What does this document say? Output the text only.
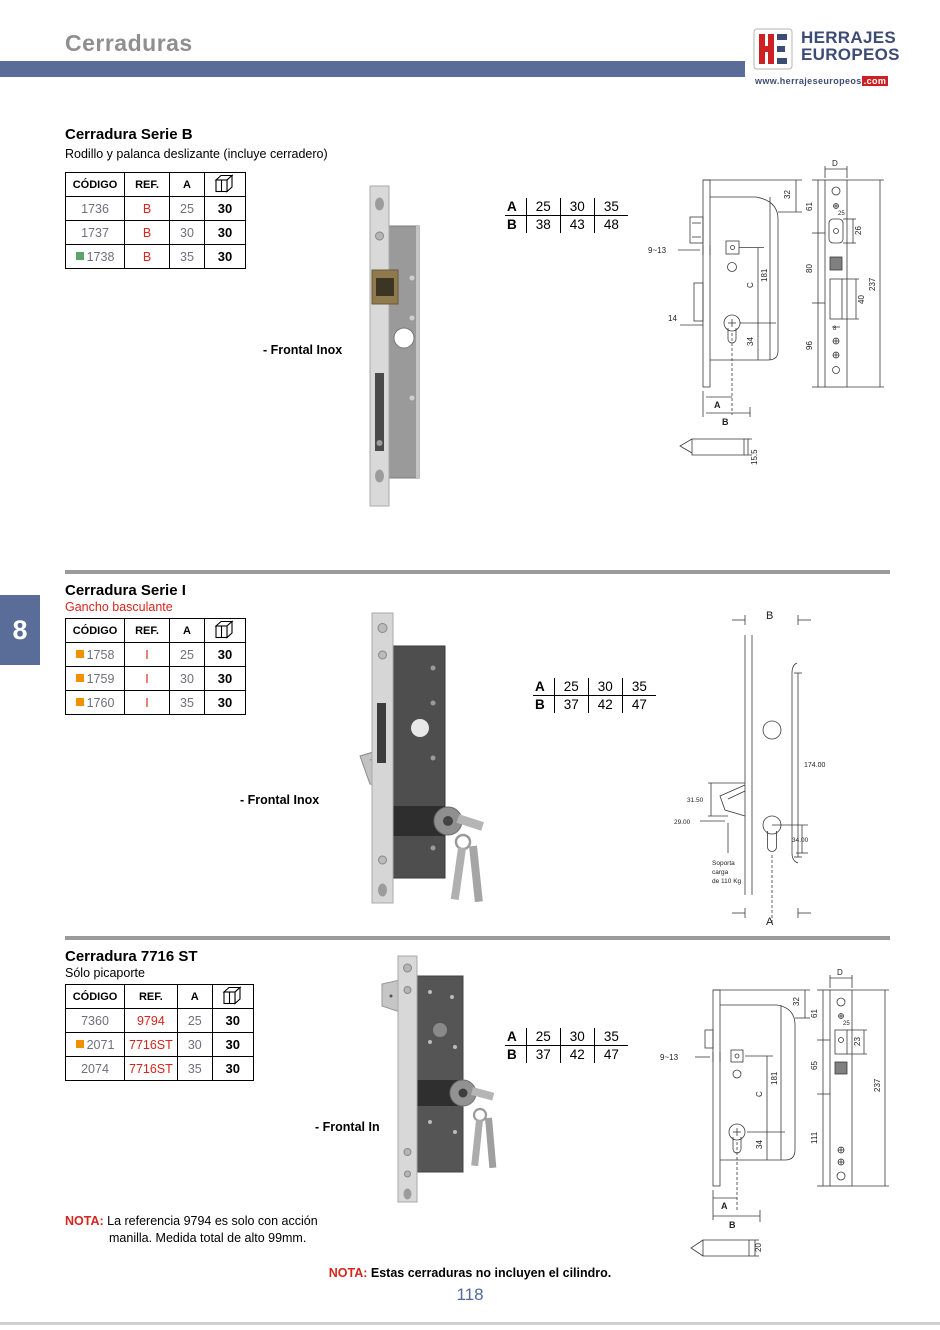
Cerraduras	HERRAJES
EUROPEOS
www.herrajeseuropeos .com
Cerradura Serie B
Rodillo y palanca deslizante (incluye cerradero)
CÓDIGO	REF.	A	
1736	B	25	30
1737	B	30	30
1738	B	35	30
- Frontal Inox
A	25	30	35
B	38	43	48
D
32
9~13
14
C
181
34
A
B
15.5
61
80
96
237
25
26
40
8
8
Cerradura Serie I
Gancho basculante
CÓDIGO	REF.	A	
1758	I	25	30
1759	I	30	30
1760	I	35	30
- Frontal Inox
A	25	30	35
B	37	42	47
B
174.00
31.50
29.00
34.00
A
Soporta
carga
de 110 Kg
Cerradura 7716 ST
Sólo picaporte
CÓDIGO	REF.	A	
7360	9794	25	30
2071	7716ST	30	30
2074	7716ST	35	30
- Frontal In
A	25	30	35
B	37	42	47
D
32
9~13
C
181
34
A
B
20
61
65
111
237
25
23
NOTA: La referencia 9794 es solo con acción
manilla. Medida total de alto 99mm.
NOTA: Estas cerraduras no incluyen el cilindro.
118
